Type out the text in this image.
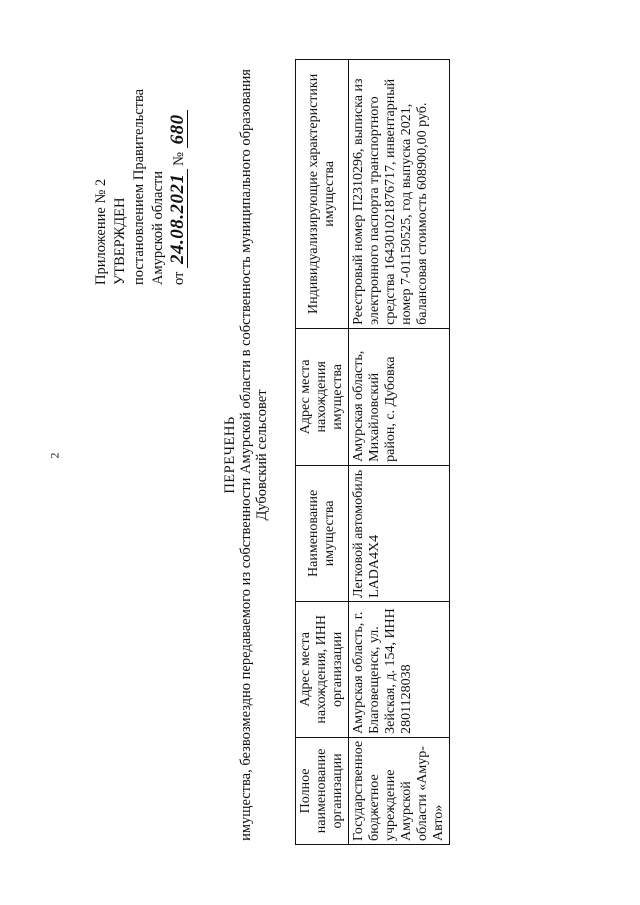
2
Приложение № 2 УТВЕРЖДЕН постановлением Правительства Амурской области от 24.08.2021 № 680
ПЕРЕЧЕНЬ имущества, безвозмездно передаваемого из собственности Амурской области в собственность муниципального образования Дубовский сельсовет
Полное наименование организации	Адрес места нахождения, ИНН организации	Наименование имущества	Адрес места нахождения имущества	Индивидуализирующие характеристики имущества
Государственное бюджетное учреждение Амурской области «Амур-Авто»	Амурская область, г. Благовещенск, ул. Зейская, д. 154, ИНН 2801128038	Легковой автомобиль LADA4X4	Амурская область, Михайловский район, с. Дубовка	Реестровый номер П2310296, выписка из электронного паспорта транспортного средства 164301021876717, инвентарный номер 7-01150525, год выпуска 2021, балансовая стоимость 608900,00 руб.
